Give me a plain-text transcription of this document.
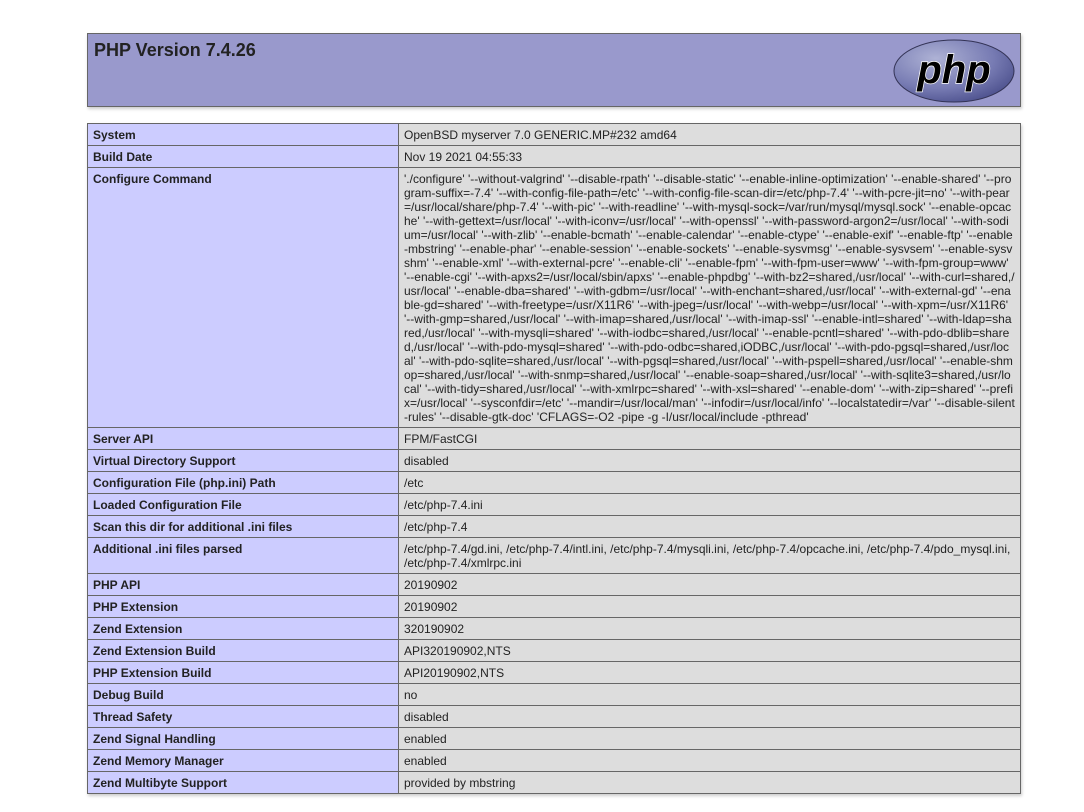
PHP Version 7.4.26	php
System	OpenBSD myserver 7.0 GENERIC.MP#232 amd64
Build Date	Nov 19 2021 04:55:33
Configure Command	'./configure' '--without-valgrind' '--disable-rpath' '--disable-static' '--enable-inline-optimization' '--enable-shared' '--program-suffix=-7.4' '--with-config-file-path=/etc' '--with-config-file-scan-dir=/etc/php-7.4' '--with-pcre-jit=no' '--with-pear=/usr/local/share/php-7.4' '--with-pic' '--with-readline' '--with-mysql-sock=/var/run/mysql/mysql.sock' '--enable-opcache' '--with-gettext=/usr/local' '--with-iconv=/usr/local' '--with-openssl' '--with-password-argon2=/usr/local' '--with-sodium=/usr/local' '--with-zlib' '--enable-bcmath' '--enable-calendar' '--enable-ctype' '--enable-exif' '--enable-ftp' '--enable-mbstring' '--enable-phar' '--enable-session' '--enable-sockets' '--enable-sysvmsg' '--enable-sysvsem' '--enable-sysvshm' '--enable-xml' '--with-external-pcre' '--enable-cli' '--enable-fpm' '--with-fpm-user=www' '--with-fpm-group=www' '--enable-cgi' '--with-apxs2=/usr/local/sbin/apxs' '--enable-phpdbg' '--with-bz2=shared,/usr/local' '--with-curl=shared,/usr/local' '--enable-dba=shared' '--with-gdbm=/usr/local' '--with-enchant=shared,/usr/local' '--with-external-gd' '--enable-gd=shared' '--with-freetype=/usr/X11R6' '--with-jpeg=/usr/local' '--with-webp=/usr/local' '--with-xpm=/usr/X11R6' '--with-gmp=shared,/usr/local' '--with-imap=shared,/usr/local' '--with-imap-ssl' '--enable-intl=shared' '--with-ldap=shared,/usr/local' '--with-mysqli=shared' '--with-iodbc=shared,/usr/local' '--enable-pcntl=shared' '--with-pdo-dblib=shared,/usr/local' '--with-pdo-mysql=shared' '--with-pdo-odbc=shared,iODBC,/usr/local' '--with-pdo-pgsql=shared,/usr/local' '--with-pdo-sqlite=shared,/usr/local' '--with-pgsql=shared,/usr/local' '--with-pspell=shared,/usr/local' '--enable-shmop=shared,/usr/local' '--with-snmp=shared,/usr/local' '--enable-soap=shared,/usr/local' '--with-sqlite3=shared,/usr/local' '--with-tidy=shared,/usr/local' '--with-xmlrpc=shared' '--with-xsl=shared' '--enable-dom' '--with-zip=shared' '--prefix=/usr/local' '--sysconfdir=/etc' '--mandir=/usr/local/man' '--infodir=/usr/local/info' '--localstatedir=/var' '--disable-silent-rules' '--disable-gtk-doc' 'CFLAGS=-O2 -pipe -g -I/usr/local/include -pthread'
Server API	FPM/FastCGI
Virtual Directory Support	disabled
Configuration File (php.ini) Path	/etc
Loaded Configuration File	/etc/php-7.4.ini
Scan this dir for additional .ini files	/etc/php-7.4
Additional .ini files parsed	/etc/php-7.4/gd.ini, /etc/php-7.4/intl.ini, /etc/php-7.4/mysqli.ini, /etc/php-7.4/opcache.ini, /etc/php-7.4/pdo_mysql.ini, /etc/php-7.4/xmlrpc.ini
PHP API	20190902
PHP Extension	20190902
Zend Extension	320190902
Zend Extension Build	API320190902,NTS
PHP Extension Build	API20190902,NTS
Debug Build	no
Thread Safety	disabled
Zend Signal Handling	enabled
Zend Memory Manager	enabled
Zend Multibyte Support	provided by mbstring
